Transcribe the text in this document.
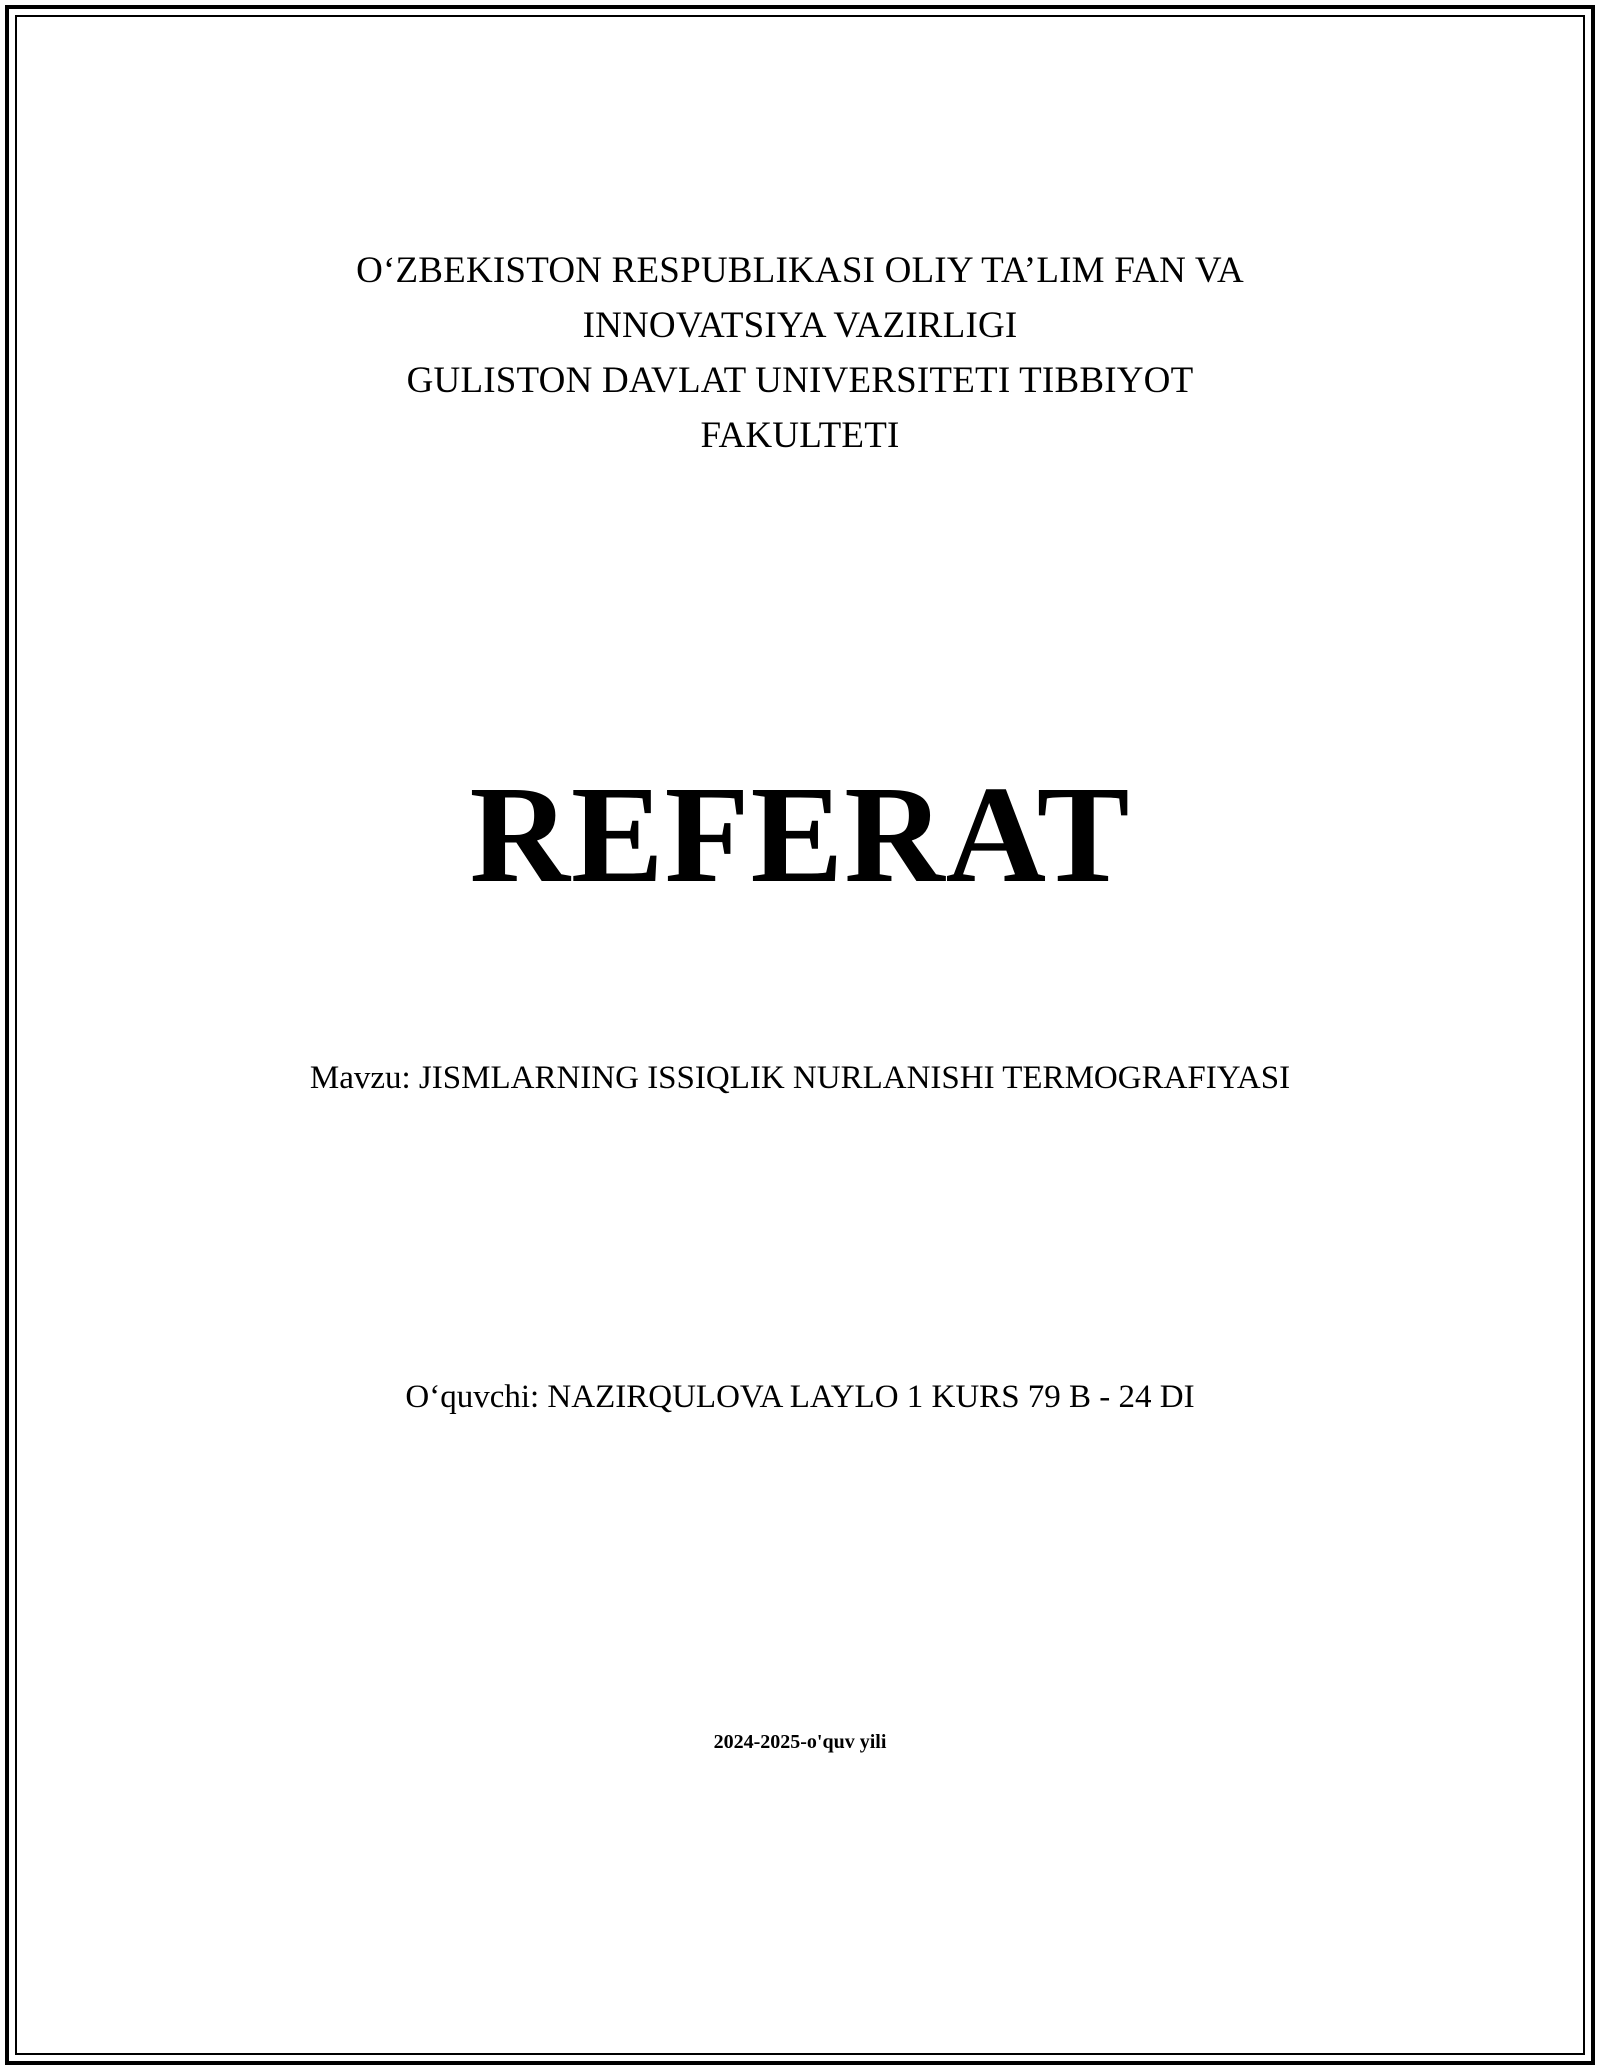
O‘ZBEKISTON RESPUBLIKASI OLIY TA’LIM FAN VA
INNOVATSIYA VAZIRLIGI
GULISTON DAVLAT UNIVERSITETI TIBBIYOT
FAKULTETI
REFERAT
Mavzu: JISMLARNING ISSIQLIK NURLANISHI TERMOGRAFIYASI
O‘quvchi: NAZIRQULOVA LAYLO 1 KURS 79 B - 24 DI
2024-2025-o'quv yili
